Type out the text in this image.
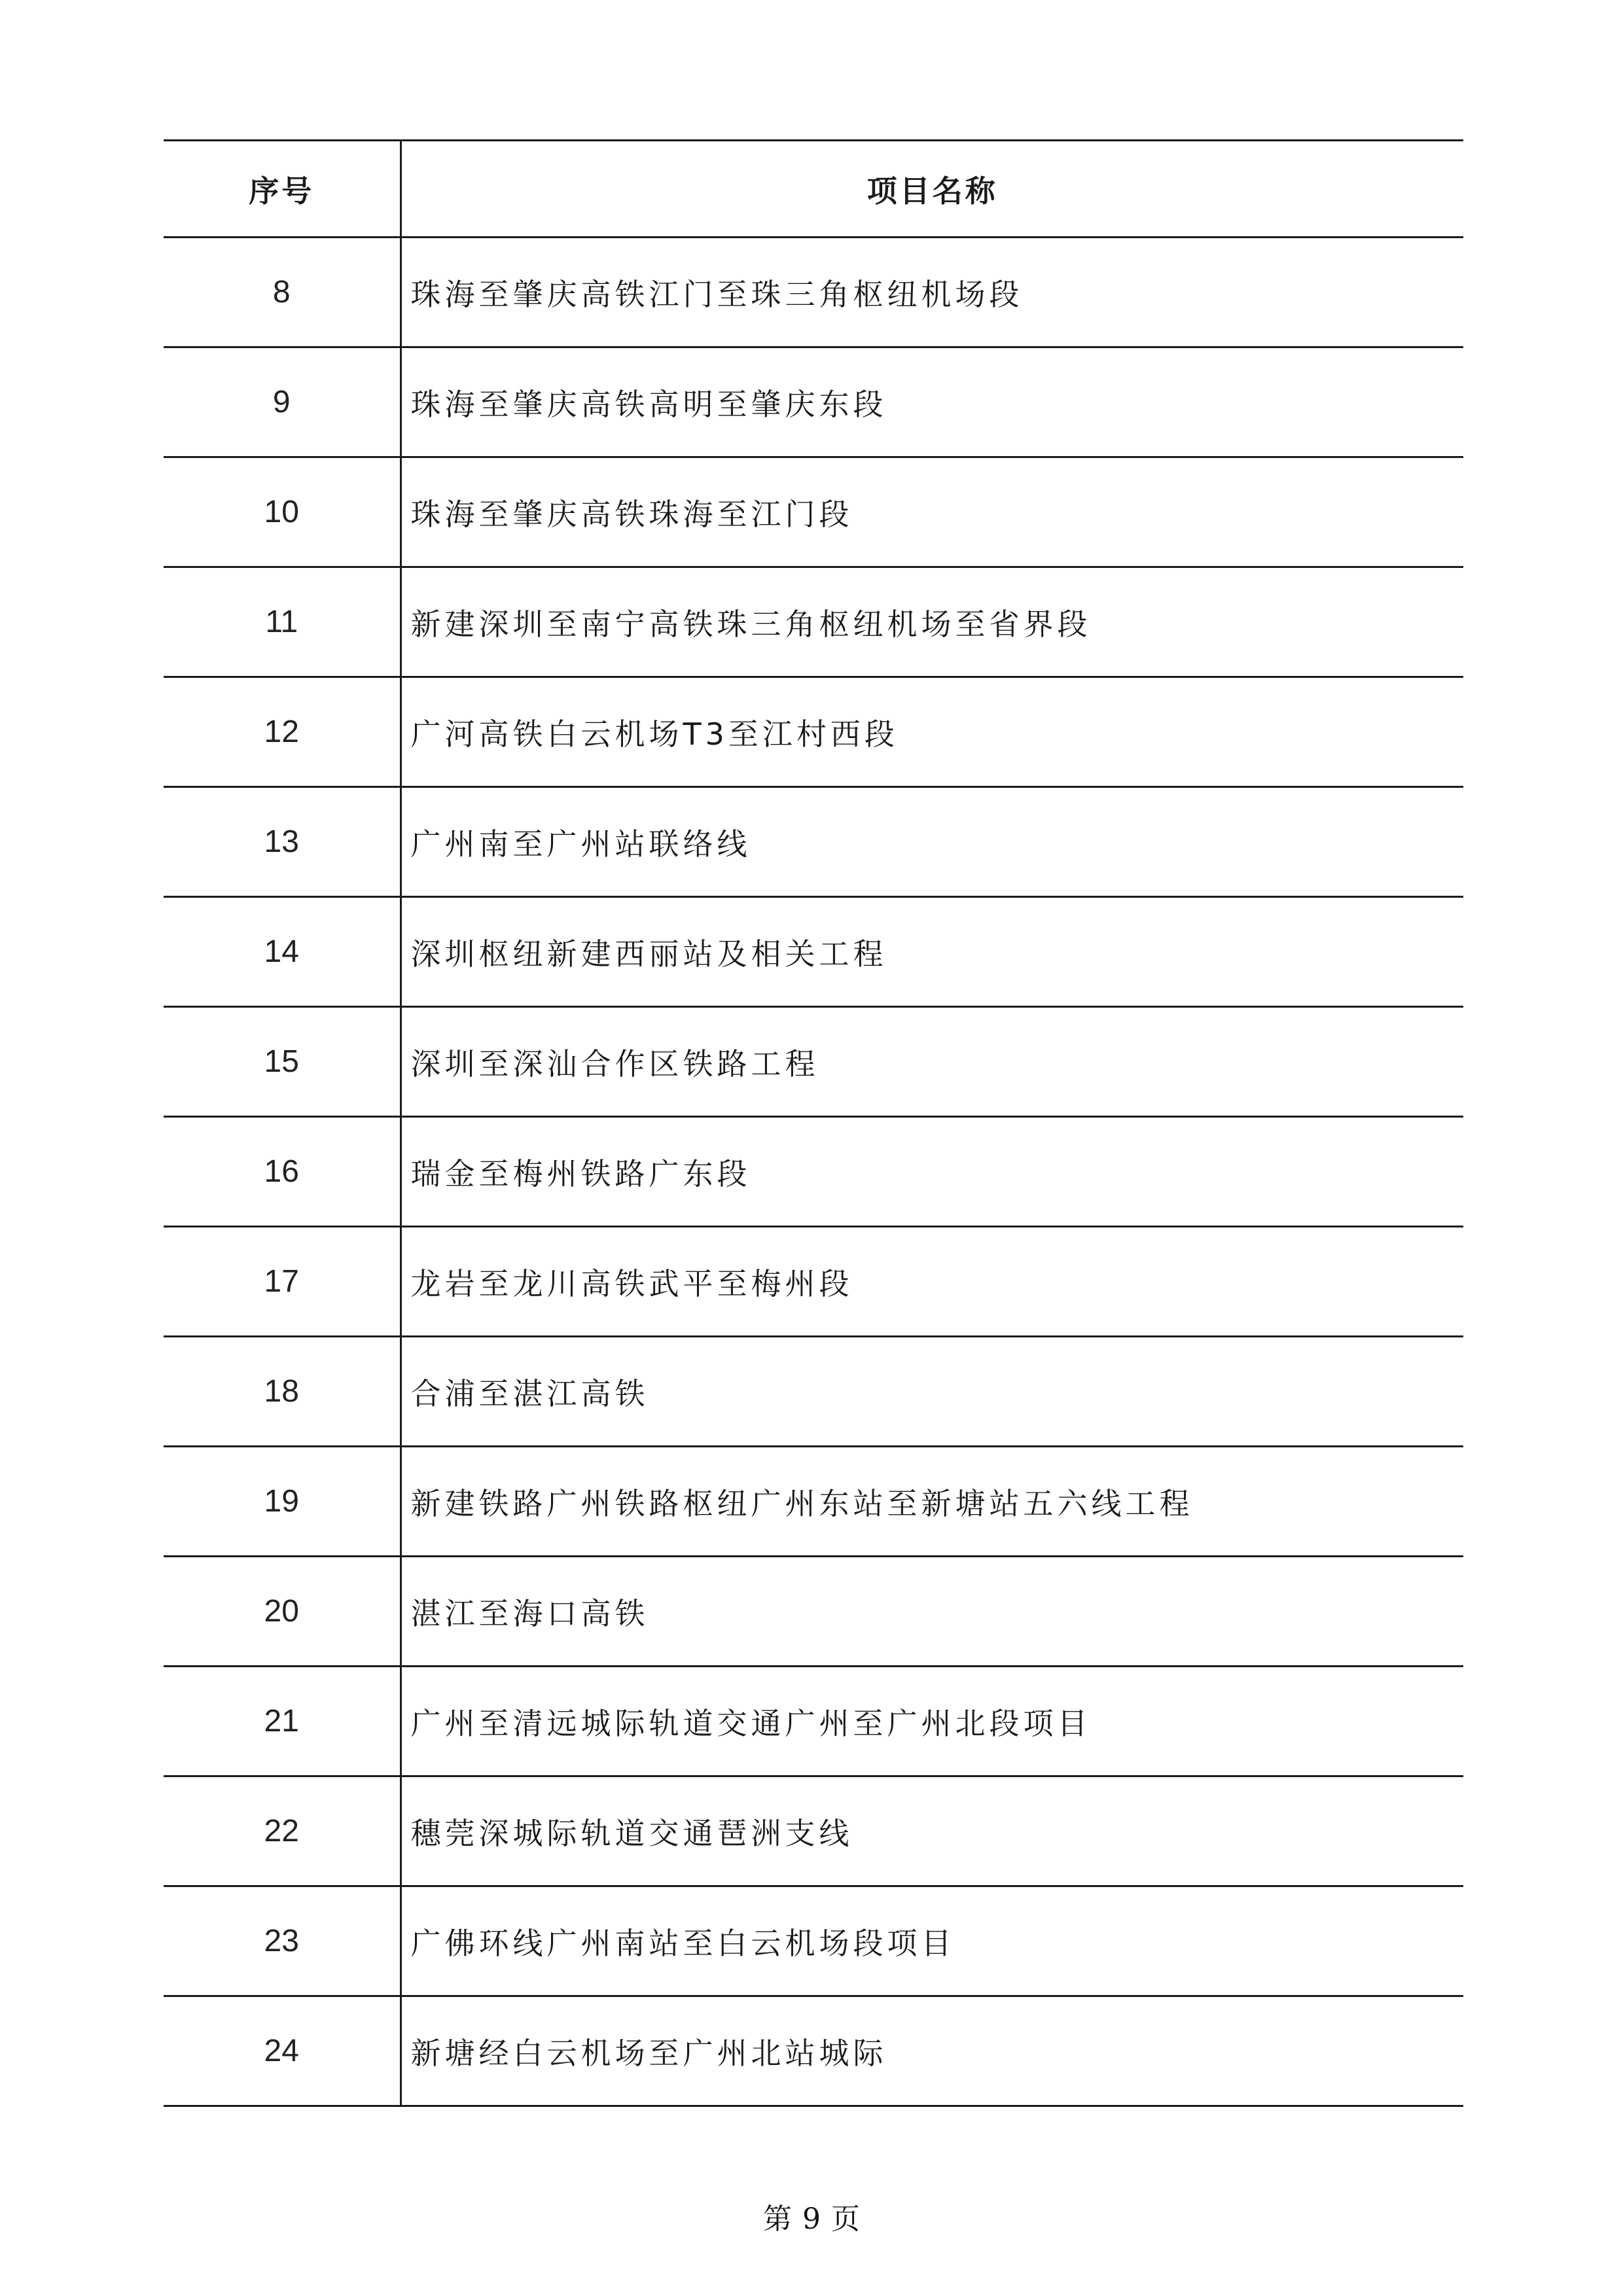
序号	项目名称
8	珠海至肇庆高铁江门至珠三角枢纽机场段
9	珠海至肇庆高铁高明至肇庆东段
10	珠海至肇庆高铁珠海至江门段
11	新建深圳至南宁高铁珠三角枢纽机场至省界段
12	广河高铁白云机场T3至江村西段
13	广州南至广州站联络线
14	深圳枢纽新建西丽站及相关工程
15	深圳至深汕合作区铁路工程
16	瑞金至梅州铁路广东段
17	龙岩至龙川高铁武平至梅州段
18	合浦至湛江高铁
19	新建铁路广州铁路枢纽广州东站至新塘站五六线工程
20	湛江至海口高铁
21	广州至清远城际轨道交通广州至广州北段项目
22	穗莞深城际轨道交通琶洲支线
23	广佛环线广州南站至白云机场段项目
24	新塘经白云机场至广州北站城际
第 9 页
